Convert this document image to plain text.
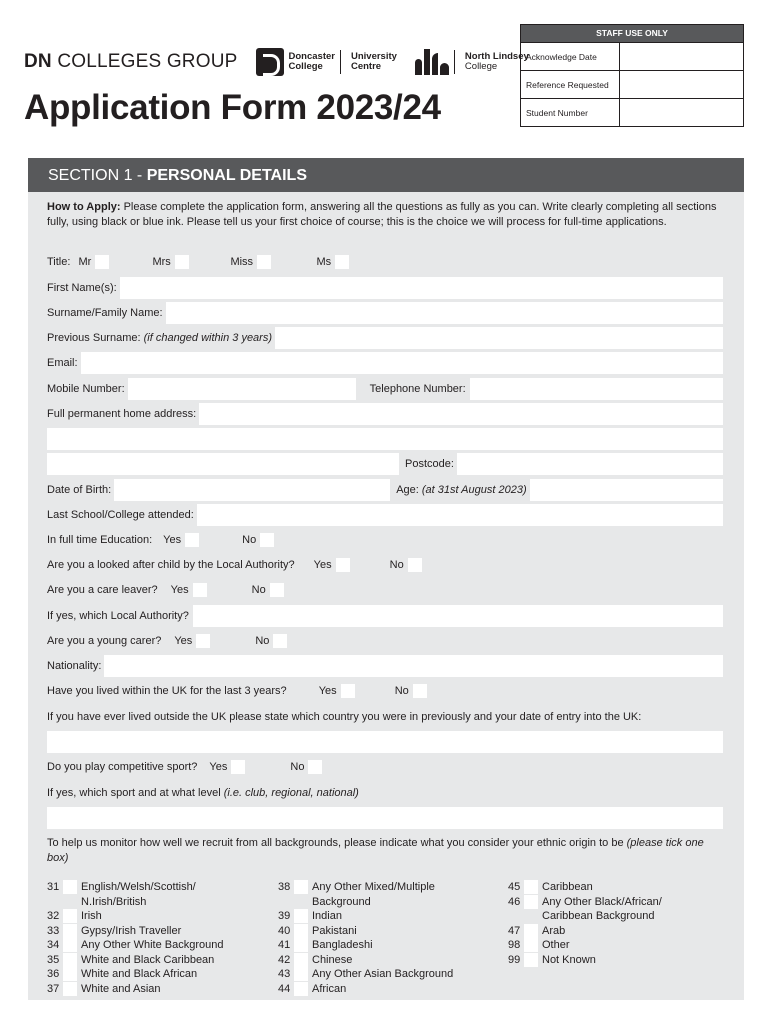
DN COLLEGES GROUP	Doncaster
College
University
Centre
North Lindsey
College
Application Form 2023/24
STAFF USE ONLY
Acknowledge Date
Reference Requested
Student Number
SECTION 1 - PERSONAL DETAILS
How to Apply: Please complete the application form, answering all the questions as fully as you can. Write clearly completing all sections fully, using black or blue ink. Please tell us your first choice of course; this is the choice we will process for full-time applications.
Title: Mr	Mrs	Miss	Ms
First Name(s):
Surname/Family Name:
Previous Surname:
(if changed within 3 years)
Email:
Mobile Number:	Telephone Number:
Full permanent home address:
Postcode:
Date of Birth:	Age: (at 31st August 2023)
Last School/College attended:
In full time Education: Yes	No
Are you a looked after child by the Local Authority? Yes	No
Are you a care leaver? Yes	No
If yes, which Local Authority?
Are you a young carer? Yes	No
Nationality:
Have you lived within the UK for the last 3 years?	Yes	No
If you have ever lived outside the UK please state which country you were in previously and your date of entry into the UK:
Do you play competitive sport? Yes	No
If yes, which sport and at what level
(i.e. club, regional, national)
To help us monitor how well we recruit from all backgrounds, please indicate what you consider your ethnic origin to be (please tick one box)
31	English/Welsh/Scottish/
N.Irish/British
32	Irish
33	Gypsy/Irish Traveller
34	Any Other White Background
35	White and Black Caribbean
36	White and Black African
37	White and Asian
38	Any Other Mixed/Multiple
Background
39	Indian
40	Pakistani
41	Bangladeshi
42	Chinese
43	Any Other Asian Background
44	African
45	Caribbean
46	Any Other Black/African/
Caribbean Background
47	Arab
98	Other
99	Not Known
